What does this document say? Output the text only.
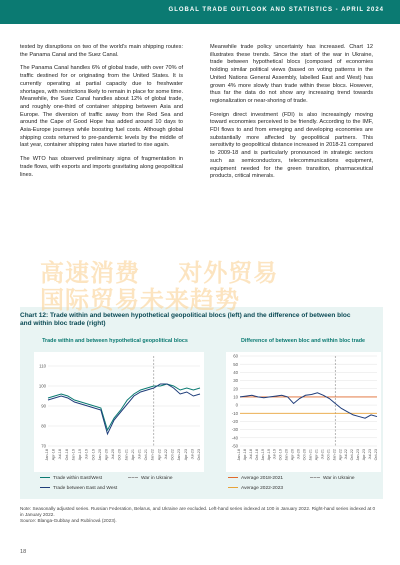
GLOBAL TRADE OUTLOOK AND STATISTICS - APRIL 2024

tested by disruptions on two of the world's main shipping routes: the Panama Canal and the Suez Canal.

The Panama Canal handles 6% of global trade, with over 70% of traffic destined for or originating from the United States. It is currently operating at partial capacity due to freshwater shortages, with restrictions likely to remain in place for some time. Meanwhile, the Suez Canal handles about 12% of global trade, and roughly one-third of container shipping between Asia and Europe. The diversion of traffic away from the Red Sea and around the Cape of Good Hope has added around 10 days to Asia-Europe journeys while boosting fuel costs. Although global shipping costs returned to pre-pandemic levels by the middle of last year, container shipping rates have started to rise again.

The WTO has observed preliminary signs of fragmentation in trade flows, with exports and imports gravitating along geopolitical lines.

Meanwhile trade policy uncertainty has increased. Chart 12 illustrates these trends. Since the start of the war in Ukraine, trade between hypothetical blocs (composed of economies holding similar political views (based on voting patterns in the United Nations General Assembly, labelled East and West) has grown 4% more slowly than trade within these blocs. However, thus far the data do not show any increasing trend towards regionalization or near-shoring of trade.

Foreign direct investment (FDI) is also increasingly moving toward economies perceived to be friendly. According to the IMF, FDI flows to and from emerging and developing economies are substantially more affected by geopolitical partners. This sensitivity to geopolitical distance increased in 2018-21 compared to 2009-18 and is particularly pronounced in strategic sectors such as semiconductors, telecommunications equipment, equipment needed for the green transition, pharmaceutical products, critical minerals.

Chart 12: Trade within and between hypothetical geopolitical blocs (left) and the difference of between bloc and within bloc trade (right)
Trade within and between hypothetical geopolitical blocs	Difference of between bloc and within bloc trade
70
80
90
100
110
Jan-18 Apr-18 Jul-18 Oct-18 Jan-19 Apr-19 Jul-19 Oct-19 Jan-20 Apr-20 Jul-20 Oct-20 Jan-21 Apr-21 Jul-21 Oct-21 Jan-22 Apr-22 Jul-22 Oct-22 Jan-23 Apr-23 Jul-23 Oct-23
-50
-40
-30
-20
-10
0
10
20
30
40
50
60
Jan-18 Apr-18 Jul-18 Oct-18 Jan-19 Apr-19 Jul-19 Oct-19 Jan-20 Apr-20 Jul-20 Oct-20 Jan-21 Apr-21 Jul-21 Oct-21 Jan-22 Apr-22 Jul-22 Oct-22 Jan-23 Apr-23 Jul-23 Oct-23
Trade within East/West	War in Ukraine
Trade between East and West
Average 2018-2021	War in Ukraine
Average 2022-2023
Note: Seasonally adjusted series. Russian Federation, Belarus, and Ukraine are excluded. Left-hand series indexed at 100 in January 2022. Right-hand series indexed at 0 in January 2022.
Source: Blanga-Gubbay and Rubínová (2023).
18
高速消费     对外贸易
国际贸易未来趋势
